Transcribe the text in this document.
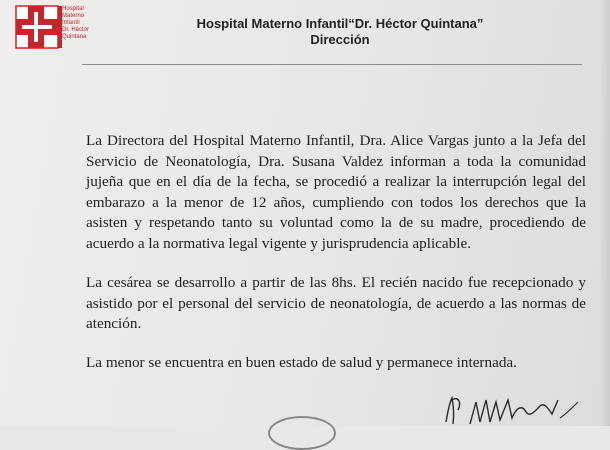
Hospital
Materno
Infantil
Dr. Héctor
Quintana
Hospital Materno Infantil“Dr. Héctor Quintana”
Dirección

La Directora del Hospital Materno Infantil, Dra. Alice Vargas junto a la Jefa del Servicio de Neonatología, Dra. Susana Valdez informan a toda la comunidad jujeña que en el día de la fecha, se procedió a realizar la interrupción legal del embarazo a la menor de 12 años, cumpliendo con todos los derechos que la asisten y respetando tanto su voluntad como la de su madre, procediendo de acuerdo a la normativa legal vigente y jurisprudencia aplicable.

La cesárea se desarrollo a partir de las 8hs. El recién nacido fue recepcionado y asistido por el personal del servicio de neonatología, de acuerdo a las normas de atención.

La menor se encuentra en buen estado de salud y permanece internada.
